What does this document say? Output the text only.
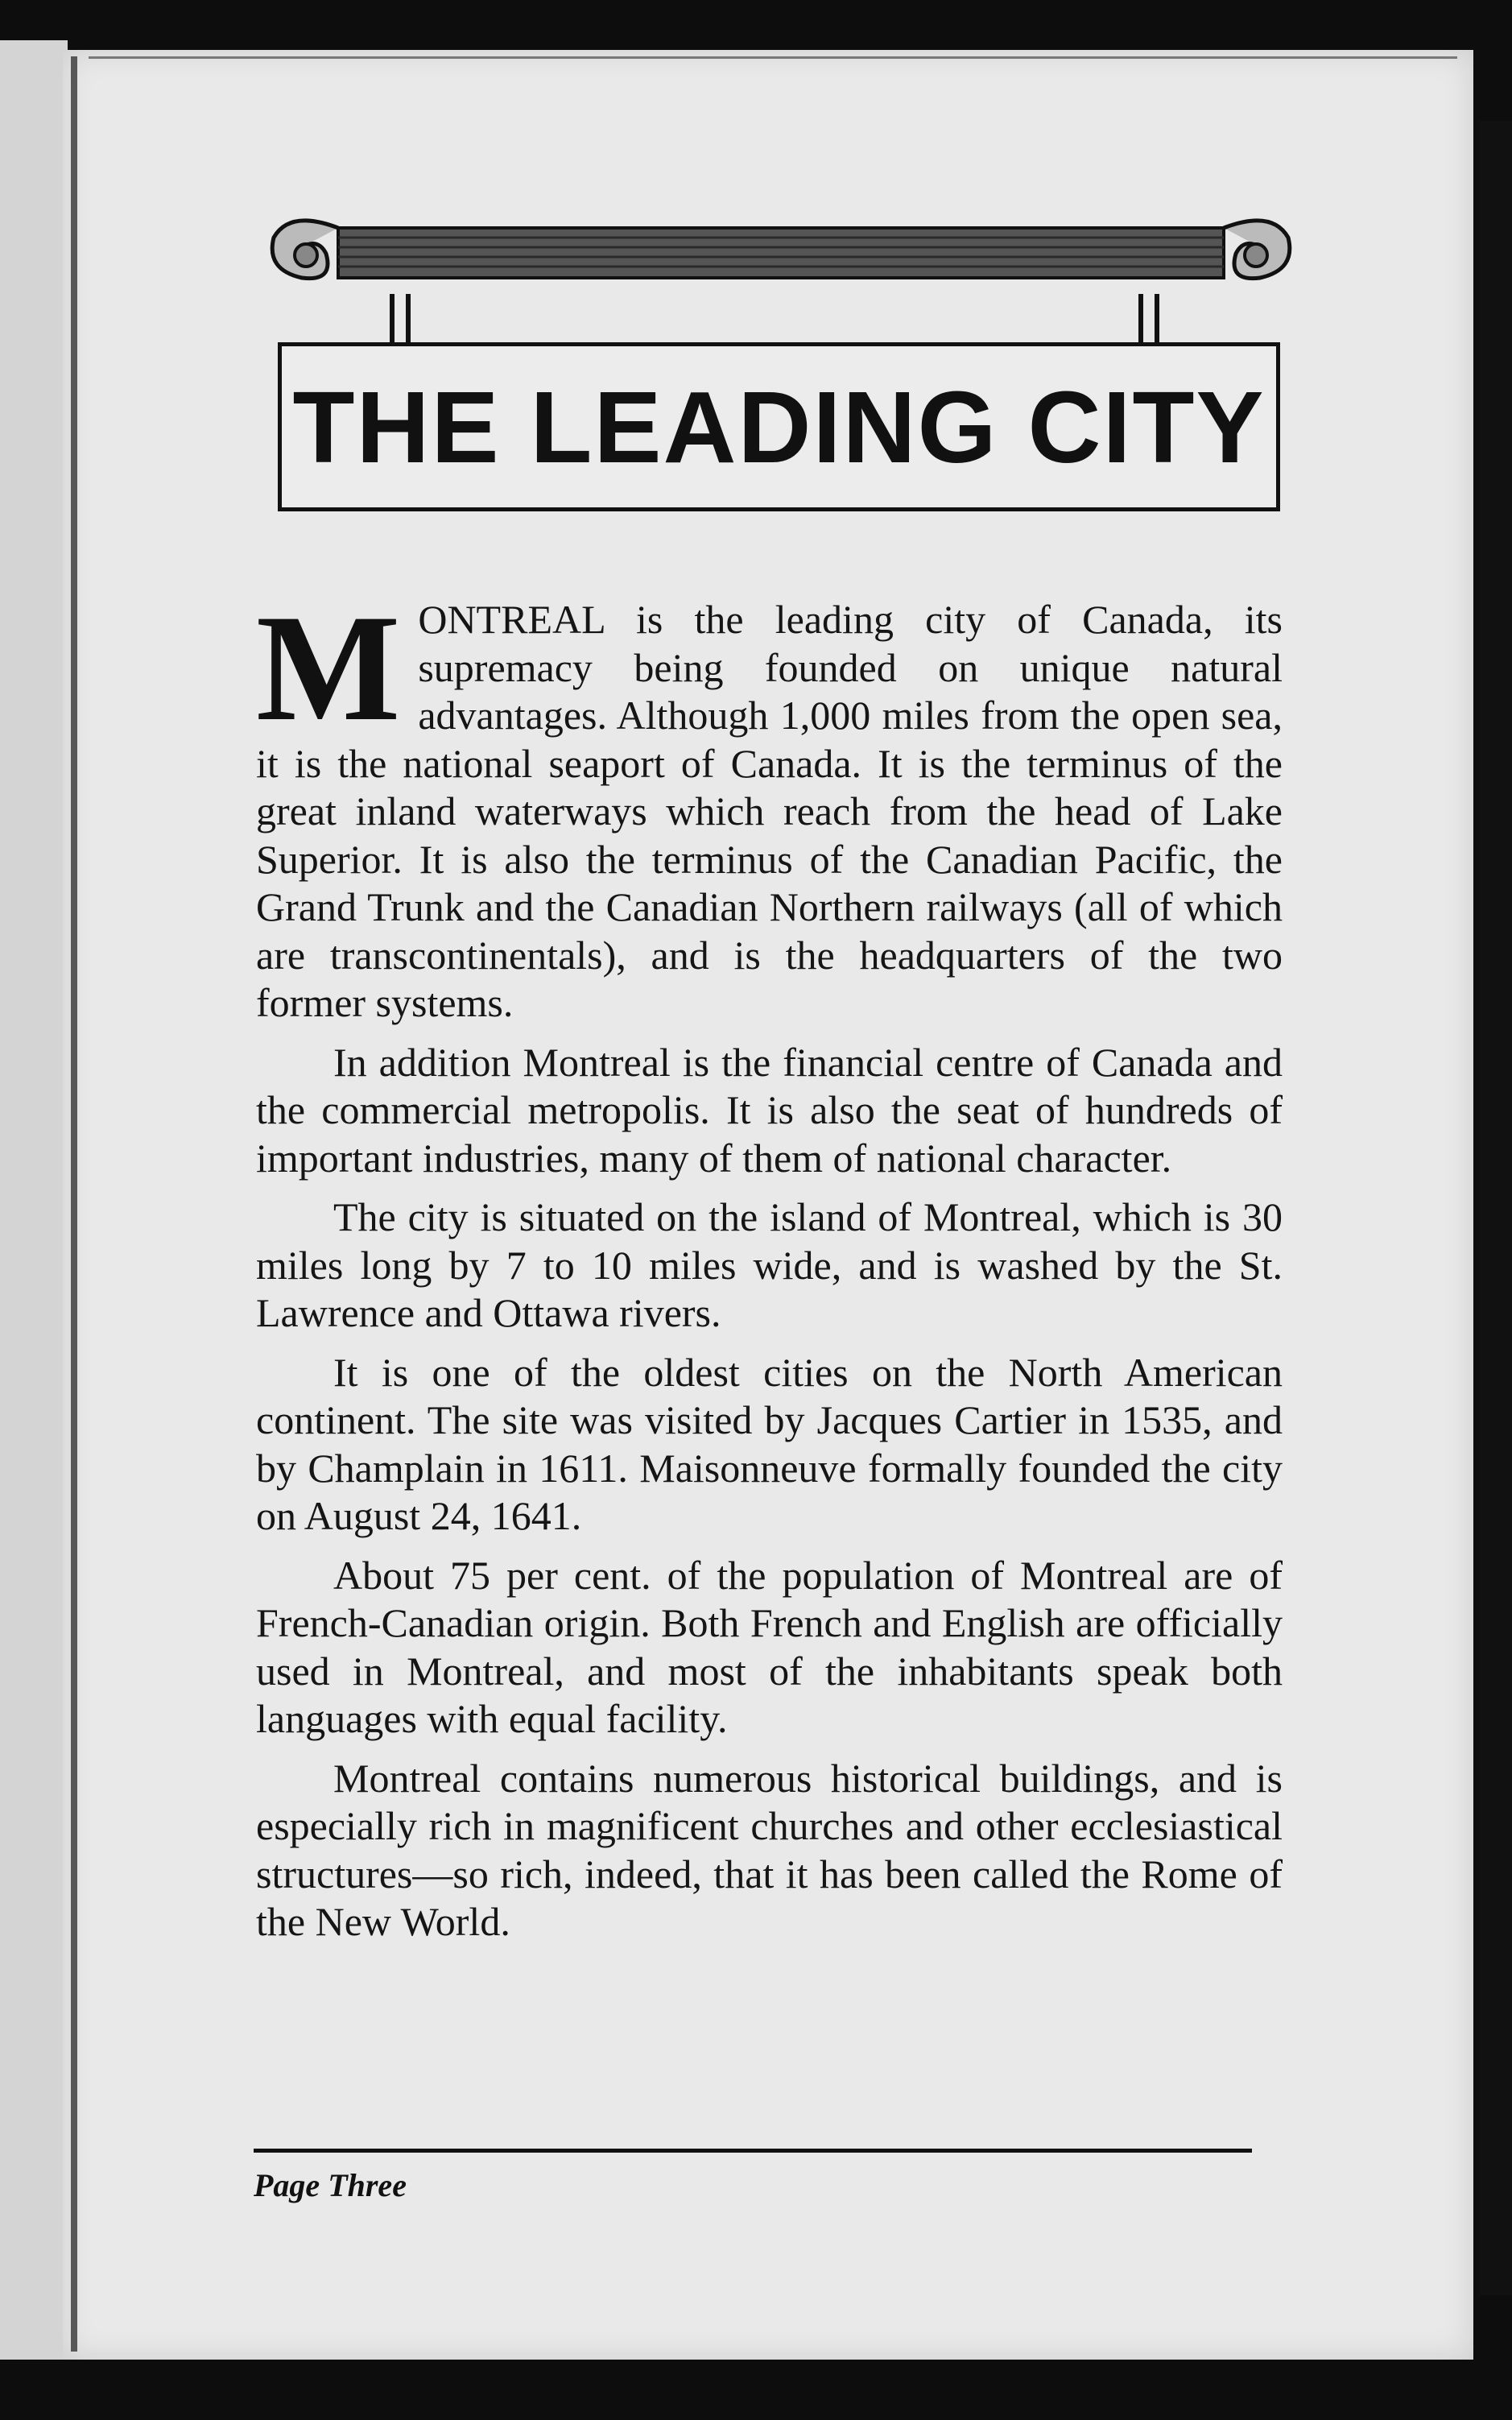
THE LEADING CITY

MONTREAL is the leading city of Canada, its supremacy being founded on unique natural advantages. Although 1,000 miles from the open sea, it is the national seaport of Canada. It is the terminus of the great inland waterways which reach from the head of Lake Superior. It is also the terminus of the Canadian Pacific, the Grand Trunk and the Canadian Northern railways (all of which are transcontinentals), and is the headquarters of the two former systems.

In addition Montreal is the financial centre of Canada and the commercial metropolis. It is also the seat of hundreds of important industries, many of them of national character.

The city is situated on the island of Montreal, which is 30 miles long by 7 to 10 miles wide, and is washed by the St. Lawrence and Ottawa rivers.

It is one of the oldest cities on the North American continent. The site was visited by Jacques Cartier in 1535, and by Champlain in 1611. Maisonneuve formally founded the city on August 24, 1641.

About 75 per cent. of the population of Montreal are of French-Canadian origin. Both French and English are officially used in Montreal, and most of the inhabitants speak both languages with equal facility.

Montreal contains numerous historical buildings, and is especially rich in magnificent churches and other ecclesiastical structures—so rich, indeed, that it has been called the Rome of the New World.

Page Three
